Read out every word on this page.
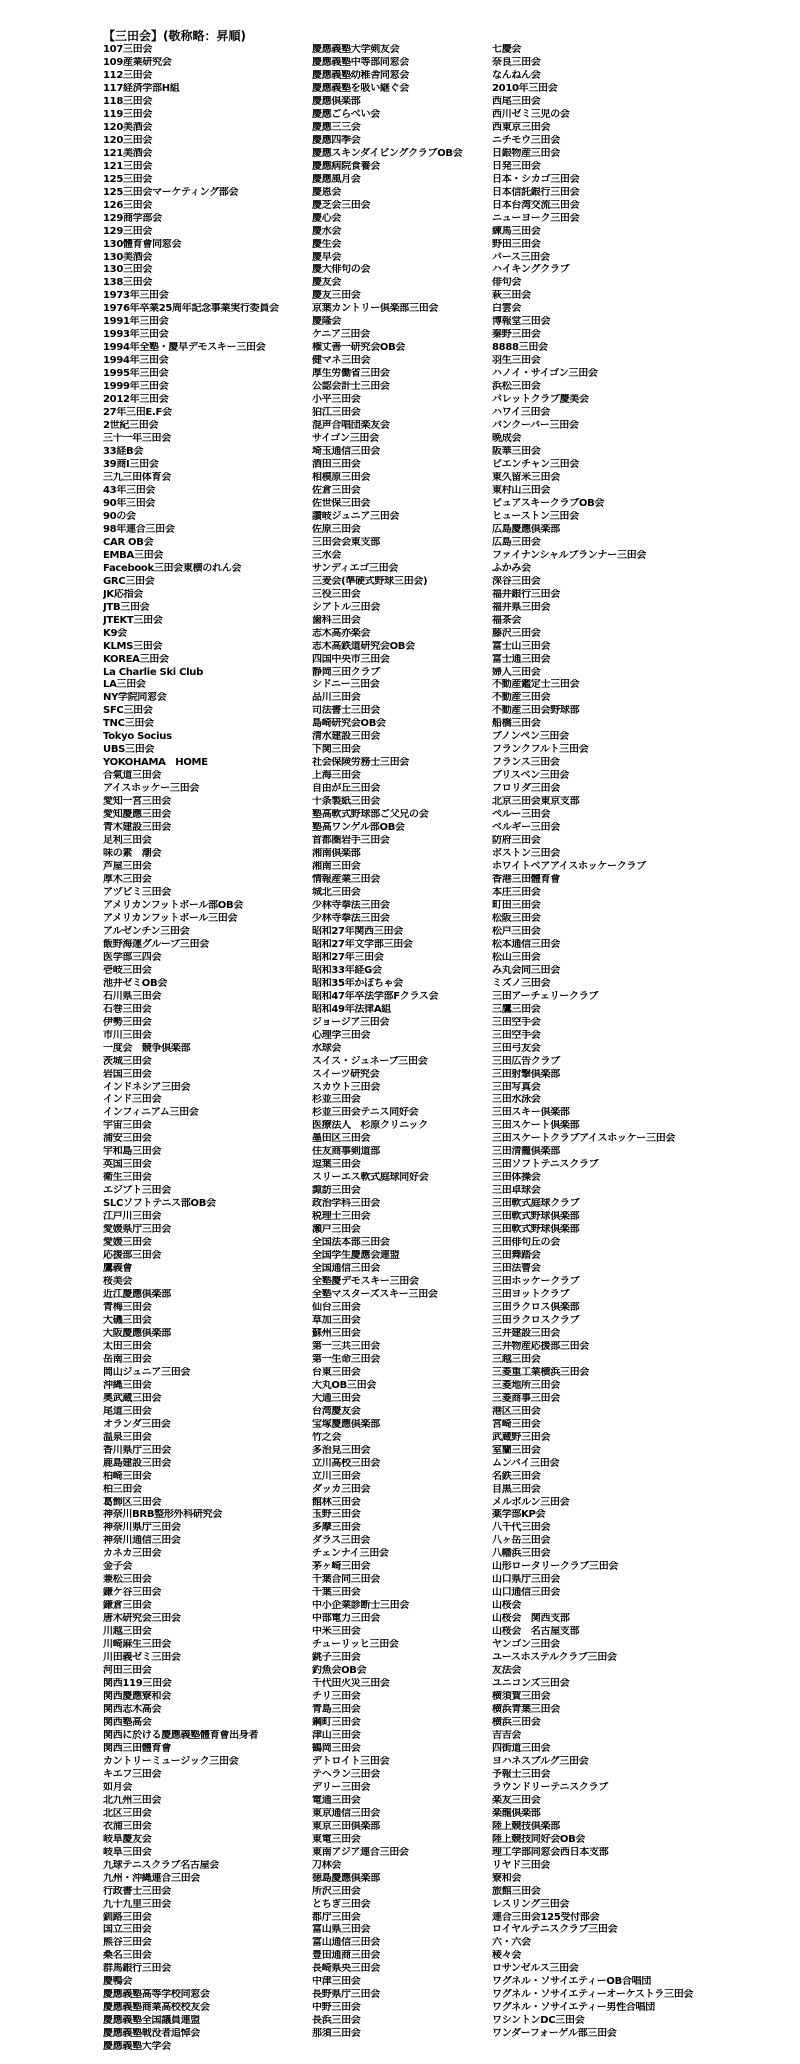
【三田会】(敬称略：昇順)
107三田会
109産業研究会
112三田会
117経済学部H組
118三田会
119三田会
120美酒会
120三田会
121美酒会
121三田会
125三田会
125三田会マーケティング部会
126三田会
129商学部会
129三田会
130體育會同窓会
130美酒会
130三田会
138三田会
1973年三田会
1976年卒業25周年記念事業実行委員会
1991年三田会
1993年三田会
1994年全塾・慶早デモスキー三田会
1994年三田会
1995年三田会
1999年三田会
2012年三田会
27年三田E.F会
2世紀三田会
三十一年三田会
33経B会
39商I三田会
三九三田体育会
43年三田会
90年三田会
90の会
98年連合三田会
CAR OB会
EMBA三田会
Facebook三田会東横のれん会
GRC三田会
JK応指会
JTB三田会
JTEKT三田会
K9会
KLMS三田会
KOREA三田会
La Charlie Ski Club
LA三田会
NY学院同窓会
SFC三田会
TNC三田会
Tokyo Socius
UBS三田会
YOKOHAMA　HOME
合氣道三田会
アイスホッケー三田会
愛知一宮三田会
愛知慶應三田会
青木建設三田会
足利三田会
味の素　潮会
芦屋三田会
厚木三田会
アヅビミ三田会
アメリカンフットボール部OB会
アメリカンフットボール三田会
アルゼンチン三田会
飯野海運グループ三田会
医学部三四会
壱岐三田会
池井ゼミOB会
石川県三田会
石巻三田会
伊勢三田会
市川三田会
一度会　競争倶楽部
茨城三田会
岩国三田会
インドネシア三田会
インド三田会
インフィニアム三田会
宇宙三田会
浦安三田会
宇和島三田会
英国三田会
衛生三田会
エジプト三田会
SLCソフトテニス部OB会
江戸川三田会
愛媛県庁三田会
愛媛三田会
応援部三田会
鷹義會
桜美会
近江慶應倶楽部
青梅三田会
大磯三田会
大阪慶應倶楽部
太田三田会
岳南三田会
岡山ジュニア三田会
沖縄三田会
奥武蔵三田会
尾道三田会
オランダ三田会
温泉三田会
香川県庁三田会
鹿島建設三田会
柏崎三田会
柏三田会
葛飾区三田会
神奈川BRB整形外科研究会
神奈川県庁三田会
神奈川通信三田会
カネカ三田会
金子会
兼松三田会
鎌ケ谷三田会
鎌倉三田会
唐木研究会三田会
川越三田会
川崎麻生三田会
川田義ゼミ三田会
河田三田会
関西119三田会
関西慶應寮和会
関西志木高会
関西塾高会
関西に於ける慶應義塾體育會出身者
関西三田體育會
カントリーミュージック三田会
キエフ三田会
如月会
北九州三田会
北区三田会
衣浦三田会
岐阜慶友会
岐阜三田会
九球テニスクラブ名古屋会
九州・沖縄連合三田会
行政書士三田会
九十九里三田会
釧路三田会
国立三田会
熊谷三田会
桑名三田会
群馬銀行三田会
慶鴨会
慶應義塾高等学校同窓会
慶應義塾商業高校校友会
慶應義塾全国議員連盟
慶應義塾戦没者追悼会
慶應義塾大学会
慶應義塾大学剣友会
慶應義塾中等部同窓会
慶應義塾幼稚舎同窓会
慶應義塾を吸い継ぐ会
慶應倶楽部
慶應ごらべい会
慶應三三会
慶應四季会
慶應スキンダイビングクラブOB会
慶應病院食養会
慶應風月会
慶恩会
慶芝会三田会
慶心会
慶水会
慶生会
慶早会
慶大俳句の会
慶友会
慶友三田会
京葉カントリー倶楽部三田会
慶隆会
ケニア三田会
権丈善一研究会OB会
健マネ三田会
厚生労働省三田会
公認会計士三田会
小平三田会
狛江三田会
混声合唱団楽友会
サイゴン三田会
埼玉通信三田会
酒田三田会
相模原三田会
佐倉三田会
佐世保三田会
讃岐ジュニア三田会
佐原三田会
三田会会東支部
三水会
サンディエゴ三田会
三麦会(準硬式野球三田会)
三役三田会
シアトル三田会
歯科三田会
志木高亦楽会
志木高鉄道研究会OB会
四国中央市三田会
静岡三田クラブ
シドニー三田会
品川三田会
司法書士三田会
島崎研究会OB会
清水建設三田会
下関三田会
社会保険労務士三田会
上海三田会
自由が丘三田会
十条製紙三田会
塾高軟式野球部ご父兄の会
塾高ワンゲル部OB会
首都圏岩手三田会
湘南倶楽部
湘南三田会
情報産業三田会
城北三田会
少林寺拳法三田会
少林寺拳法三田会
昭和27年関西三田会
昭和27年文学部三田会
昭和27年三田会
昭和33年経G会
昭和35年かぼちゃ会
昭和47年卒法学部Fクラス会
昭和49年法律A組
ジョージア三田会
心理学三田会
水球会
スイス・ジュネーブ三田会
スイーツ研究会
スカウト三田会
杉並三田会
杉並三田会テニス同好会
医療法人　杉原クリニック
墨田区三田会
住友商事剣道部
逗葉三田会
スリーエス軟式庭球同好会
諏訪三田会
政治学科三田会
税理士三田会
瀬戸三田会
全国法本部三田会
全国学生慶應会連盟
全国通信三田会
全塾慶デモスキー三田会
全塾マスターズスキー三田会
仙台三田会
草加三田会
蘇州三田会
第一三共三田会
第一生命三田会
台東三田会
大丸OB三田会
大通三田会
台湾慶友会
宝塚慶應倶楽部
竹之会
多治見三田会
立川高校三田会
立川三田会
ダッカ三田会
館林三田会
玉野三田会
多摩三田会
ダラス三田会
チェンナイ三田会
茅ヶ崎三田会
千葉合同三田会
千葉三田会
中小企業診断士三田会
中部電力三田会
中米三田会
チューリッヒ三田会
銚子三田会
釣魚会OB会
千代田火災三田会
チリ三田会
青島三田会
鋼町三田会
津山三田会
鶴岡三田会
デトロイト三田会
テヘラン三田会
デリー三田会
電通三田会
東京通信三田会
東京三田倶楽部
東電三田会
東南アジア連合三田会
刀林会
徳島慶應倶楽部
所沢三田会
とちぎ三田会
都庁三田会
富山県三田会
富山通信三田会
豊田通商三田会
長崎県央三田会
中津三田会
長野県庁三田会
中野三田会
長浜三田会
那須三田会
七慶会
奈良三田会
なんねん会
2010年三田会
西尾三田会
西川ゼミ三児の会
西東京三田会
ニチモウ三田会
日銀物産三田会
日発三田会
日本・シカゴ三田会
日本信託銀行三田会
日本台湾交流三田会
ニューヨーク三田会
練馬三田会
野田三田会
バース三田会
ハイキングクラブ
俳句会
萩三田会
白雲会
博報堂三田会
秦野三田会
8888三田会
羽生三田会
ハノイ・サイゴン三田会
浜松三田会
バレットクラブ慶美会
ハワイ三田会
バンクーバー三田会
晩成会
阪華三田会
ビエンチャン三田会
東久留米三田会
東村山三田会
ビュアスキークラブOB会
ヒューストン三田会
広島慶應倶楽部
広島三田会
ファイナンシャルプランナー三田会
ふかみ会
深谷三田会
福井銀行三田会
福井県三田会
福茶会
藤沢三田会
富士山三田会
富士通三田会
婦人三田会
不動産鑑定士三田会
不動産三田会
不動産三田会野球部
船橋三田会
ブノンペン三田会
フランクフルト三田会
フランス三田会
ブリスベン三田会
フロリダ三田会
北京三田会東京支部
ペルー三田会
ベルギー三田会
防府三田会
ボストン三田会
ホワイトベアアイスホッケークラブ
香港三田體育會
本庄三田会
町田三田会
松阪三田会
松戸三田会
松本通信三田会
松山三田会
み丸会同三田会
ミズノ三田会
三田アーチェリークラブ
三鷹三田会
三田空手会
三田空手会
三田弓友会
三田広告クラブ
三田射撃倶楽部
三田写真会
三田水泳会
三田スキー倶楽部
三田スケート倶楽部
三田スケートクラブアイスホッケー三田会
三田清籠倶楽部
三田ソフトテニスクラブ
三田体操会
三田卓球会
三田軟式庭球クラブ
三田軟式野球倶楽部
三田軟式野球倶楽部
三田俳句丘の会
三田舞踏会
三田法曹会
三田ホッケークラブ
三田ヨットクラブ
三田ラクロス倶楽部
三田ラクロスクラブ
三井建設三田会
三井物産応援部三田会
三越三田会
三菱重工業横浜三田会
三菱地所三田会
三菱商事三田会
港区三田会
宮崎三田会
武蔵野三田会
室蘭三田会
ムンバイ三田会
名鉄三田会
目黒三田会
メルボルン三田会
薬学部KP会
八千代三田会
八ヶ岳三田会
八幡浜三田会
山形ロータリークラブ三田会
山口県庁三田会
山口通信三田会
山桜会
山桜会　関西支部
山桜会　名古屋支部
ヤンゴン三田会
ユースホステルクラブ三田会
友法会
ユニコンズ三田会
横須賀三田会
横浜青葉三田会
横浜三田会
吉吉会
四街道三田会
ヨハネスブルグ三田会
予報士三田会
ラウンドリーテニスクラブ
楽友三田会
楽龍倶楽部
陸上競技倶楽部
陸上競技同好会OB会
理工学部同窓会西日本支部
リヤド三田会
寮和会
旅館三田会
レスリング三田会
連合三田会125受付部会
ロイヤルテニスクラブ三田会
六・六会
稜々会
ロサンゼルス三田会
ワグネル・ソサイエティーOB合唱団
ワグネル・ソサイエティーオーケストラ三田会
ワグネル・ソサイエティー男性合唱団
ワシントンDC三田会
ワンダーフォーゲル部三田会
